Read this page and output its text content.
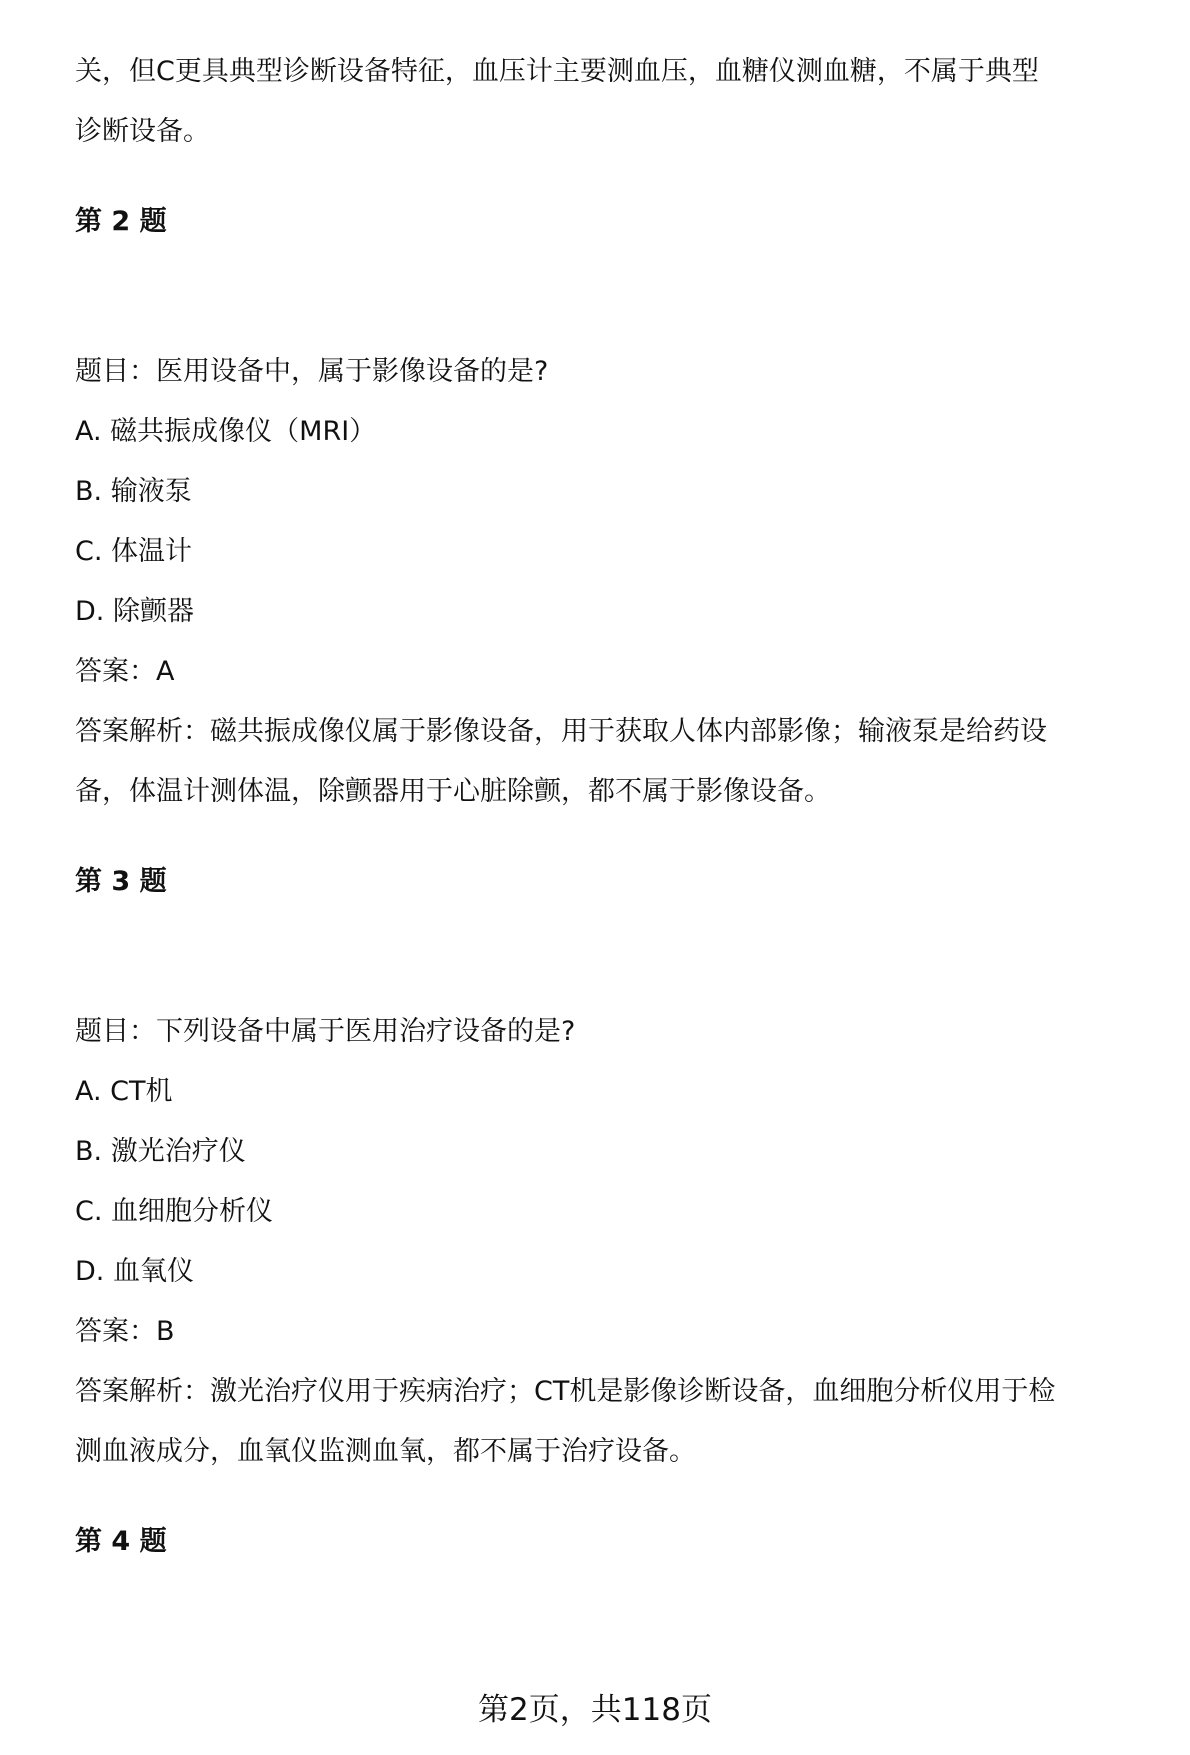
关，但C更具典型诊断设备特征，血压计主要测血压，血糖仪测血糖，不属于典型

诊断设备。

第 2 题

题目：医用设备中，属于影像设备的是?

A. 磁共振成像仪（MRI）

B. 输液泵

C. 体温计

D. 除颤器

答案：A

答案解析：磁共振成像仪属于影像设备，用于获取人体内部影像；输液泵是给药设

备，体温计测体温，除颤器用于心脏除颤，都不属于影像设备。

第 3 题

题目：下列设备中属于医用治疗设备的是?

A. CT机

B. 激光治疗仪

C. 血细胞分析仪

D. 血氧仪

答案：B

答案解析：激光治疗仪用于疾病治疗；CT机是影像诊断设备，血细胞分析仪用于检

测血液成分，血氧仪监测血氧，都不属于治疗设备。

第 4 题

第2页，共118页
